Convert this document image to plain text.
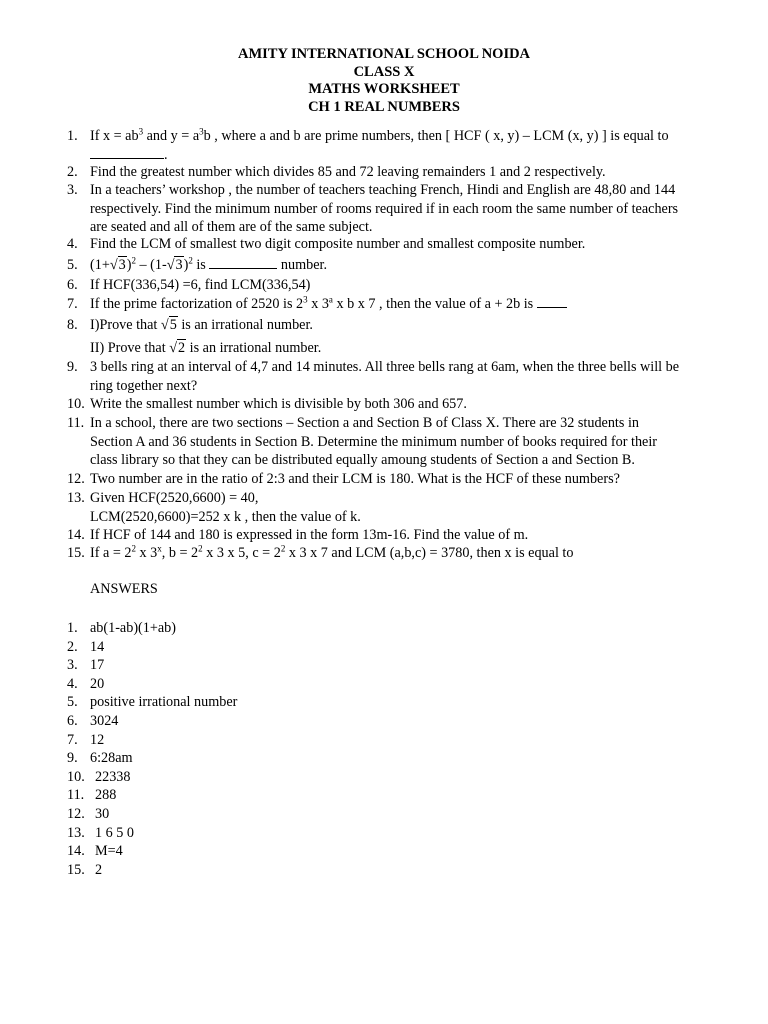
AMITY INTERNATIONAL SCHOOL NOIDA
CLASS X
MATHS WORKSHEET
CH 1 REAL NUMBERS
1. If $x = ab^3$ and $y = a^3b$ , where a and b are prime numbers, then [ HCF ( x, y) – LCM (x, y) ] is equal to
.
2. Find the greatest number which divides 85 and 72 leaving remainders 1 and 2 respectively.
3. In a teachers’ workshop , the number of teachers teaching French, Hindi and English are 48,80 and 144
respectively. Find the minimum number of rooms required if in each room the same number of teachers
are seated and all of them are of the same subject.
4. Find the LCM of smallest two digit composite number and smallest composite number.
5. $(1+√3)^2 - (1-√3)^2$ is	number.
6. If HCF(336,54) =6, find LCM(336,54)
7. If the prime factorization of 2520 is $2^3$ x 3$^a$ x b x 7 , then the value of a + 2b is
8. I)Prove that √5 is an irrational number.
II) Prove that √2 is an irrational number.
9. 3 bells ring at an interval of 4,7 and 14 minutes. All three bells rang at 6am, when the three bells will be
ring together next?
10. Write the smallest number which is divisible by both 306 and 657.
11. In a school, there are two sections – Section a and Section B of Class X. There are 32 students in
Section A and 36 students in Section B. Determine the minimum number of books required for their
class library so that they can be distributed equally amoung students of Section a and Section B.
12. Two number are in the ratio of 2:3 and their LCM is 180. What is the HCF of these numbers?
13. Given HCF(2520,6600) = 40,
LCM(2520,6600)=252 x k , then the value of k.
14. If HCF of 144 and 180 is expressed in the form 13m-16. Find the value of m.
15. If $a = 2^2$ x 3$^x$, $b = 2^2$ x 3 x 5, $c = 2^2$ x 3 x 7 and LCM (a,b,c) = 3780, then x is equal to
ANSWERS
1. ab(1-ab)(1+ab)
2. 14
3. 17
4. 20
5. positive irrational number
6. 3024
7. 12
9. 6:28am
10. 22338
11. 288
12. 30
13. 1 6 5 0
14. M=4
15. 2
